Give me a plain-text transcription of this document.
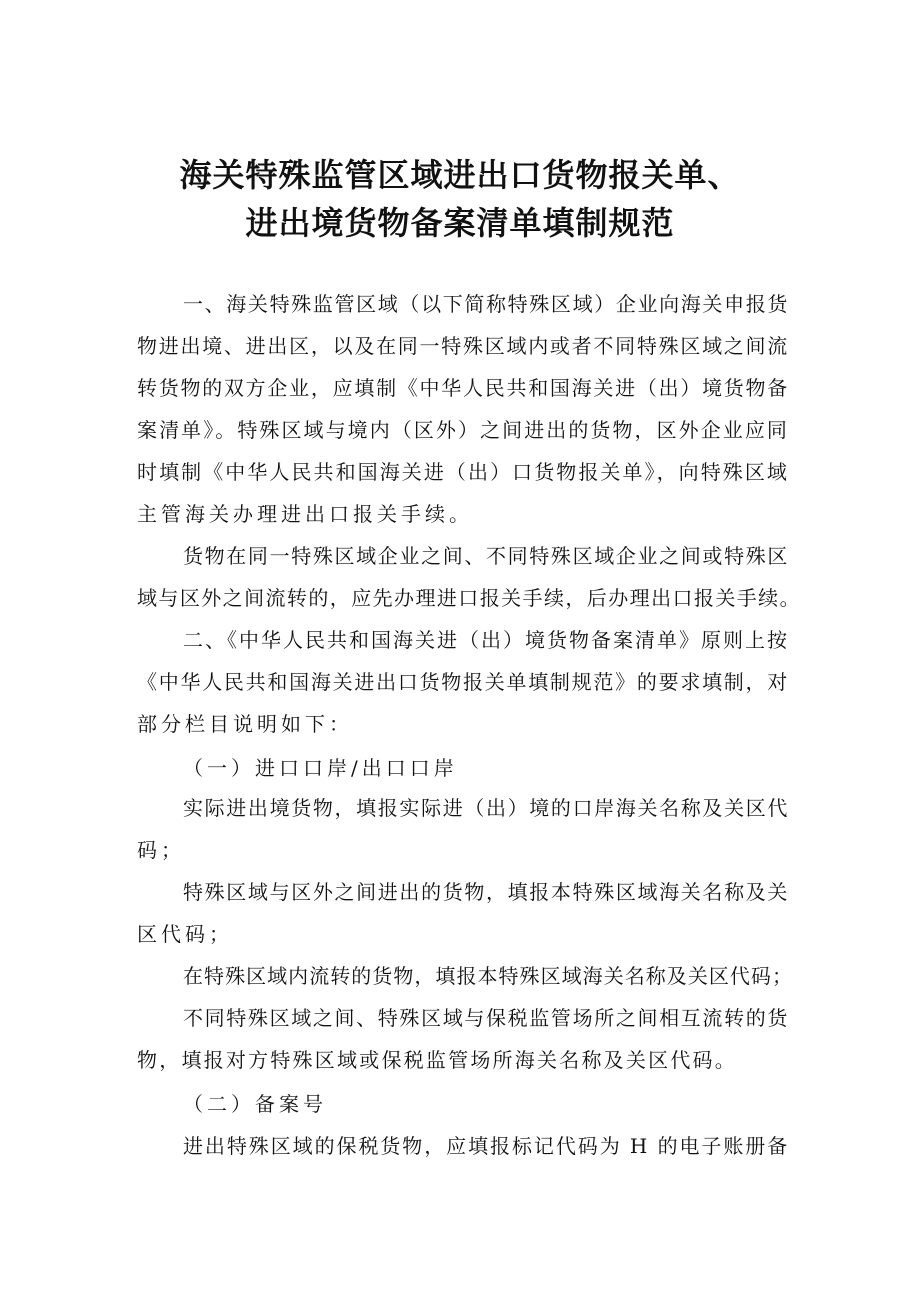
海关特殊监管区域进出口货物报关单、
进出境货物备案清单填制规范
一、海关特殊监管区域（以下简称特殊区域）企业向海关申报货
物进出境、进出区，以及在同一特殊区域内或者不同特殊区域之间流
转货物的双方企业，应填制《中华人民共和国海关进（出）境货物备
案清单》。特殊区域与境内（区外）之间进出的货物，区外企业应同
时填制《中华人民共和国海关进（出）口货物报关单》，向特殊区域
主管海关办理进出口报关手续。
货物在同一特殊区域企业之间、不同特殊区域企业之间或特殊区
域与区外之间流转的，应先办理进口报关手续，后办理出口报关手续。
二、《中华人民共和国海关进（出）境货物备案清单》原则上按
《中华人民共和国海关进出口货物报关单填制规范》的要求填制，对
部分栏目说明如下：
（一）进口口岸/出口口岸
实际进出境货物，填报实际进（出）境的口岸海关名称及关区代
码；
特殊区域与区外之间进出的货物，填报本特殊区域海关名称及关
区代码；
在特殊区域内流转的货物，填报本特殊区域海关名称及关区代码；
不同特殊区域之间、特殊区域与保税监管场所之间相互流转的货
物，填报对方特殊区域或保税监管场所海关名称及关区代码。
（二）备案号
进出特殊区域的保税货物，应填报标记代码为 H 的电子账册备
